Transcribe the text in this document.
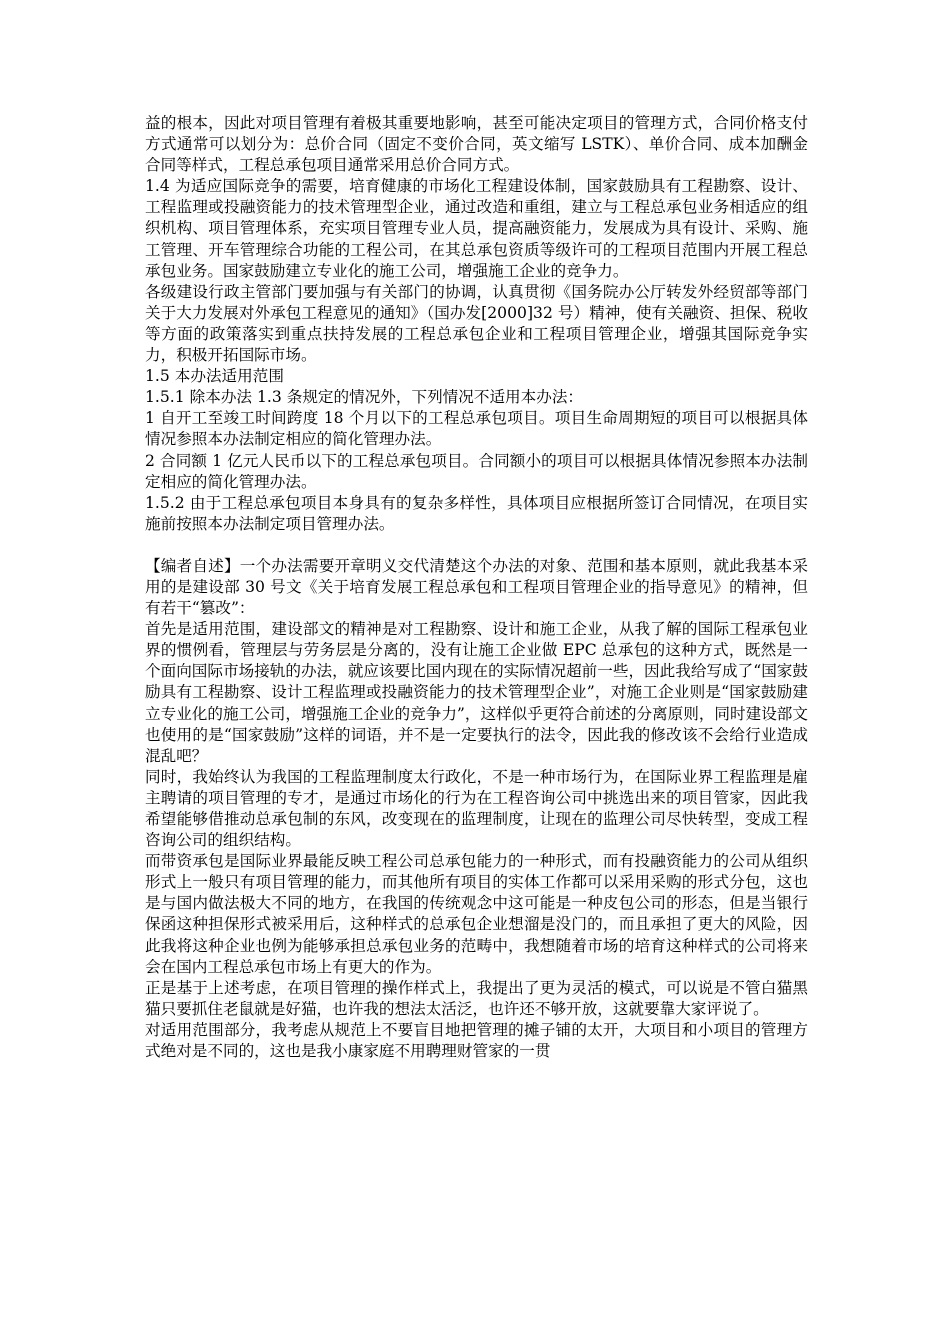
益的根本，因此对项目管理有着极其重要地影响，甚至可能决定项目的管理方式，合同价格支付方式通常可以划分为：总价合同（固定不变价合同，英文缩写 LSTK）、单价合同、成本加酬金合同等样式，工程总承包项目通常采用总价合同方式。

1.4 为适应国际竞争的需要，培育健康的市场化工程建设体制，国家鼓励具有工程勘察、设计、工程监理或投融资能力的技术管理型企业，通过改造和重组，建立与工程总承包业务相适应的组织机构、项目管理体系，充实项目管理专业人员，提高融资能力，发展成为具有设计、采购、施工管理、开车管理综合功能的工程公司，在其总承包资质等级许可的工程项目范围内开展工程总承包业务。国家鼓励建立专业化的施工公司，增强施工企业的竞争力。

各级建设行政主管部门要加强与有关部门的协调，认真贯彻《国务院办公厅转发外经贸部等部门关于大力发展对外承包工程意见的通知》（国办发[2000]32 号）精神，使有关融资、担保、税收等方面的政策落实到重点扶持发展的工程总承包企业和工程项目管理企业，增强其国际竞争实力，积极开拓国际市场。

1.5 本办法适用范围

1.5.1 除本办法 1.3 条规定的情况外，下列情况不适用本办法：

1 自开工至竣工时间跨度 18 个月以下的工程总承包项目。项目生命周期短的项目可以根据具体情况参照本办法制定相应的简化管理办法。

2 合同额 1 亿元人民币以下的工程总承包项目。合同额小的项目可以根据具体情况参照本办法制定相应的简化管理办法。

1.5.2 由于工程总承包项目本身具有的复杂多样性，具体项目应根据所签订合同情况，在项目实施前按照本办法制定项目管理办法。

【编者自述】一个办法需要开章明义交代清楚这个办法的对象、范围和基本原则，就此我基本采用的是建设部 30 号文《关于培育发展工程总承包和工程项目管理企业的指导意见》的精神，但有若干“篡改”：

首先是适用范围，建设部文的精神是对工程勘察、设计和施工企业，从我了解的国际工程承包业界的惯例看，管理层与劳务层是分离的，没有让施工企业做 EPC 总承包的这种方式，既然是一个面向国际市场接轨的办法，就应该要比国内现在的实际情况超前一些，因此我给写成了“国家鼓励具有工程勘察、设计工程监理或投融资能力的技术管理型企业”，对施工企业则是“国家鼓励建立专业化的施工公司，增强施工企业的竞争力”，这样似乎更符合前述的分离原则，同时建设部文也使用的是“国家鼓励”这样的词语，并不是一定要执行的法令，因此我的修改该不会给行业造成混乱吧？

同时，我始终认为我国的工程监理制度太行政化，不是一种市场行为，在国际业界工程监理是雇主聘请的项目管理的专才，是通过市场化的行为在工程咨询公司中挑选出来的项目管家，因此我希望能够借推动总承包制的东风，改变现在的监理制度，让现在的监理公司尽快转型，变成工程咨询公司的组织结构。

而带资承包是国际业界最能反映工程公司总承包能力的一种形式，而有投融资能力的公司从组织形式上一般只有项目管理的能力，而其他所有项目的实体工作都可以采用采购的形式分包，这也是与国内做法极大不同的地方，在我国的传统观念中这可能是一种皮包公司的形态，但是当银行保函这种担保形式被采用后，这种样式的总承包企业想溜是没门的，而且承担了更大的风险，因此我将这种企业也例为能够承担总承包业务的范畴中，我想随着市场的培育这种样式的公司将来会在国内工程总承包市场上有更大的作为。

正是基于上述考虑，在项目管理的操作样式上，我提出了更为灵活的模式，可以说是不管白猫黑猫只要抓住老鼠就是好猫，也许我的想法太活泛，也许还不够开放，这就要靠大家评说了。

对适用范围部分，我考虑从规范上不要盲目地把管理的摊子铺的太开，大项目和小项目的管理方式绝对是不同的，这也是我小康家庭不用聘理财管家的一贯
